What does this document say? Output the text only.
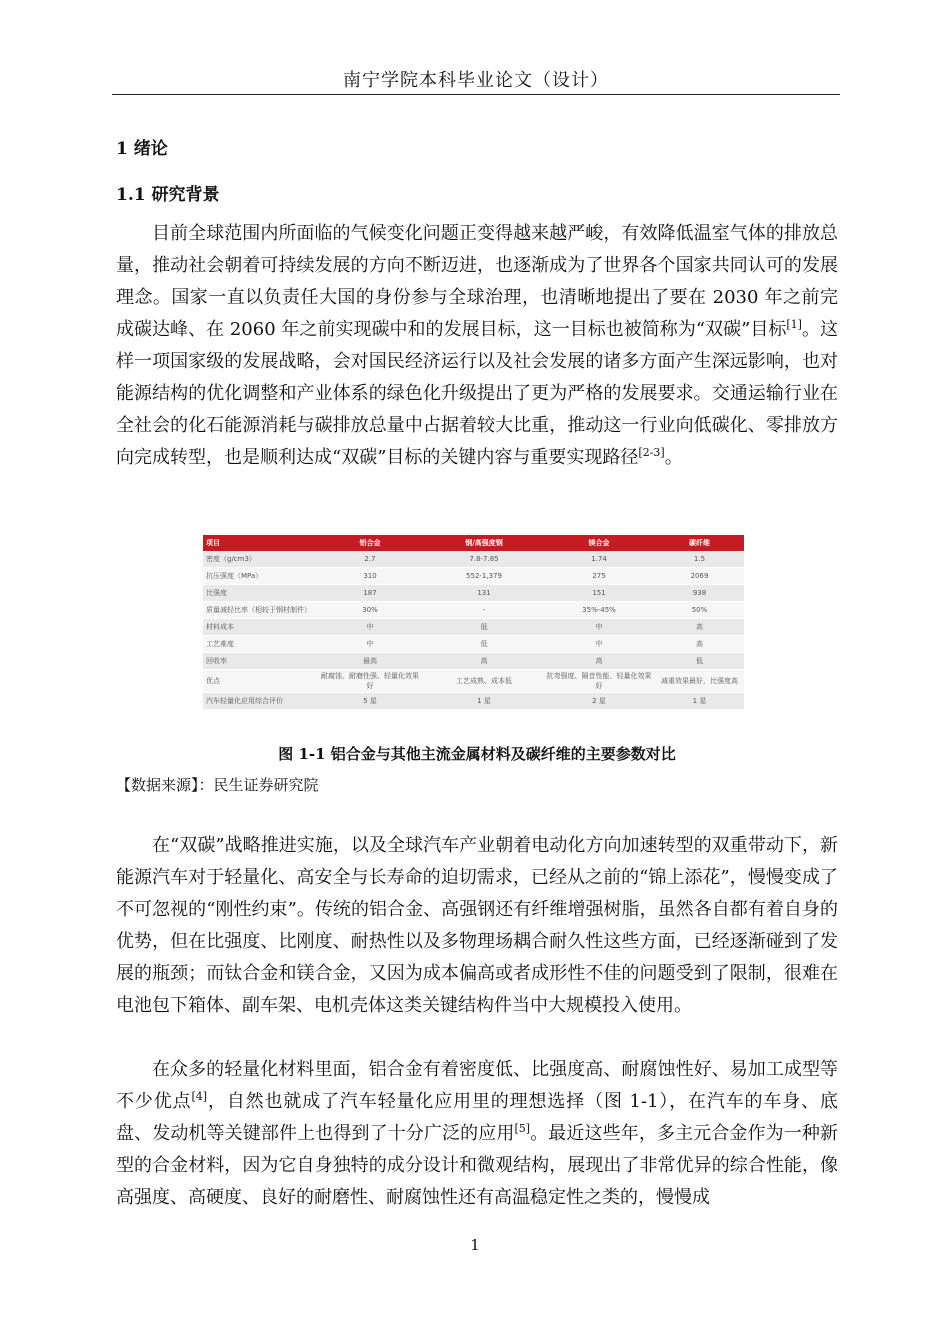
南宁学院本科毕业论文（设计）
1 绪论
1.1 研究背景

目前全球范围内所面临的气候变化问题正变得越来越严峻，有效降低温室气体的排放总量，推动社会朝着可持续发展的方向不断迈进，也逐渐成为了世界各个国家共同认可的发展理念。国家一直以负责任大国的身份参与全球治理，也清晰地提出了要在 2030 年之前完成碳达峰、在 2060 年之前实现碳中和的发展目标，这一目标也被简称为“双碳”目标[1]。这样一项国家级的发展战略，会对国民经济运行以及社会发展的诸多方面产生深远影响，也对能源结构的优化调整和产业体系的绿色化升级提出了更为严格的发展要求。交通运输行业在全社会的化石能源消耗与碳排放总量中占据着较大比重，推动这一行业向低碳化、零排放方向完成转型，也是顺利达成“双碳”目标的关键内容与重要实现路径[2-3]。

项目	铝合金	钢/高强度钢	镁合金	碳纤维
密度（g/cm3）	2.7	7.8-7.85	1.74	1.5
抗压强度（MPa）	310	552-1,379	275	2069
比强度	187	131	151	938
质量减轻比率（相较于钢材制件）	30%	-	35%-45%	50%
材料成本	中	低	中	高
工艺难度	中	低	中	高
回收率	最高	高	高	低
优点	耐腐蚀、耐磨性强、轻量化效果好	工艺成熟、成本低	抗弯强度、隔音性能、轻量化效果好	减重效果最好，比强度高
汽车轻量化应用综合评价	5 星	1 星	2 星	1 星
图 1-1 铝合金与其他主流金属材料及碳纤维的主要参数对比
【数据来源】：民生证券研究院

在“双碳”战略推进实施，以及全球汽车产业朝着电动化方向加速转型的双重带动下，新能源汽车对于轻量化、高安全与长寿命的迫切需求，已经从之前的“锦上添花”，慢慢变成了不可忽视的“刚性约束”。传统的铝合金、高强钢还有纤维增强树脂，虽然各自都有着自身的优势，但在比强度、比刚度、耐热性以及多物理场耦合耐久性这些方面，已经逐渐碰到了发展的瓶颈；而钛合金和镁合金，又因为成本偏高或者成形性不佳的问题受到了限制，很难在电池包下箱体、副车架、电机壳体这类关键结构件当中大规模投入使用。

在众多的轻量化材料里面，铝合金有着密度低、比强度高、耐腐蚀性好、易加工成型等不少优点[4]，自然也就成了汽车轻量化应用里的理想选择（图 1-1），在汽车的车身、底盘、发动机等关键部件上也得到了十分广泛的应用[5]。最近这些年，多主元合金作为一种新型的合金材料，因为它自身独特的成分设计和微观结构，展现出了非常优异的综合性能，像高强度、高硬度、良好的耐磨性、耐腐蚀性还有高温稳定性之类的，慢慢成

1
